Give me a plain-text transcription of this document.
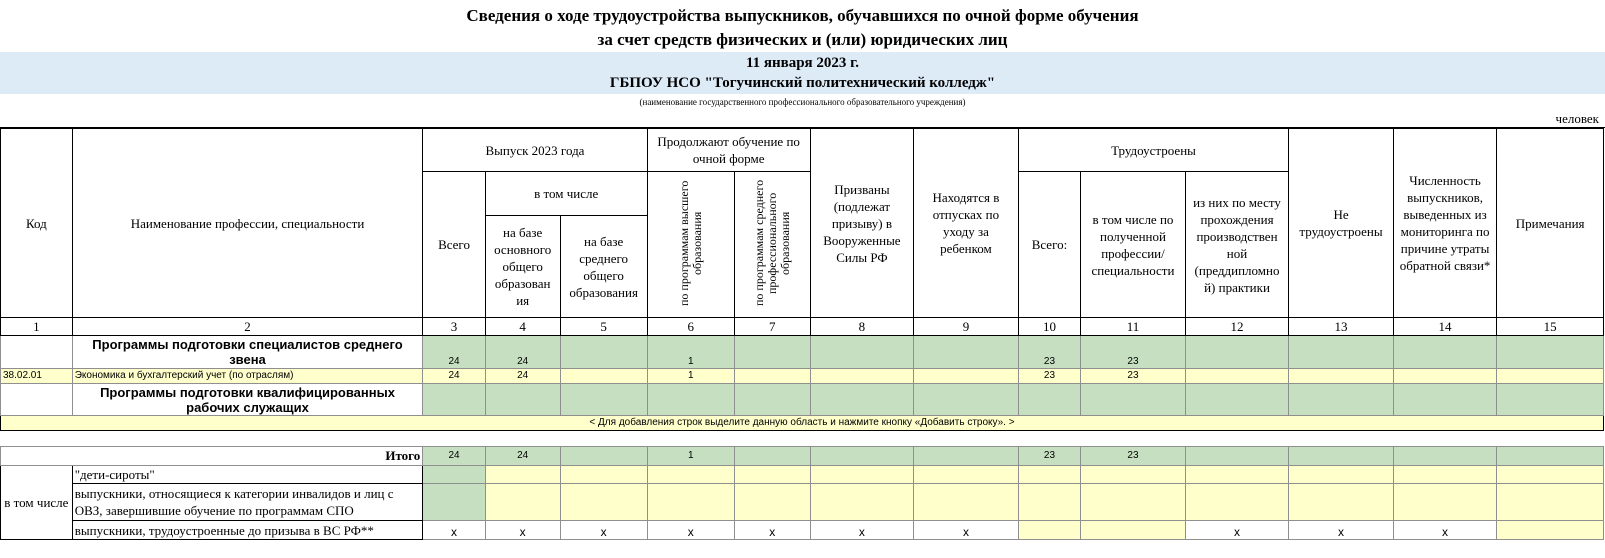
Сведения о ходе трудоустройства выпускников, обучавшихся по очной форме обучения
за счет средств физических и (или) юридических лиц
11 января 2023 г.
ГБПОУ НСО "Тогучинский политехнический колледж"
(наименование государственного профессионального образовательного учреждения)
человек
Код	Наименование профессии, специальности	Выпуск 2023 года			Продолжают обучение по очной форме		Призваны (подлежат призыву) в Вооруженные Силы РФ	Находятся в отпусках по уходу за ребенком	Трудоустроены			Не трудоустроены	Численность выпускников, выведенных из мониторинга по причине утраты обратной связи*	Примечания
		Всего	в том числе		по программам высшего образования	по программам среднего профессионального образования			Всего:	в том числе по полученной профессии/ специальности	из них по месту прохождения производствен ной (преддипломно й) практики			
			на базе основного общего образован ия	на базе среднего общего образования										
1	2	3	4	5	6	7	8	9	10	11	12	13	14	15
	Программы подготовки специалистов среднего звена	24	24		1				23	23				
38.02.01	Экономика и бухгалтерский учет (по отраслям)	24	24		1				23	23				
	Программы подготовки квалифицированных рабочих служащих													
< Для добавления строк выделите данную область и нажмите кнопку «Добавить строку». >														

Итого		24	24		1				23	23				
в том числе	"дети-сироты"													
	выпускники, относящиеся к категории инвалидов и лиц с ОВЗ, завершившие обучение по программам СПО													
	выпускники, трудоустроенные до призыва в ВС РФ**	х	х	х	х	х	х	х			х	х	х	
